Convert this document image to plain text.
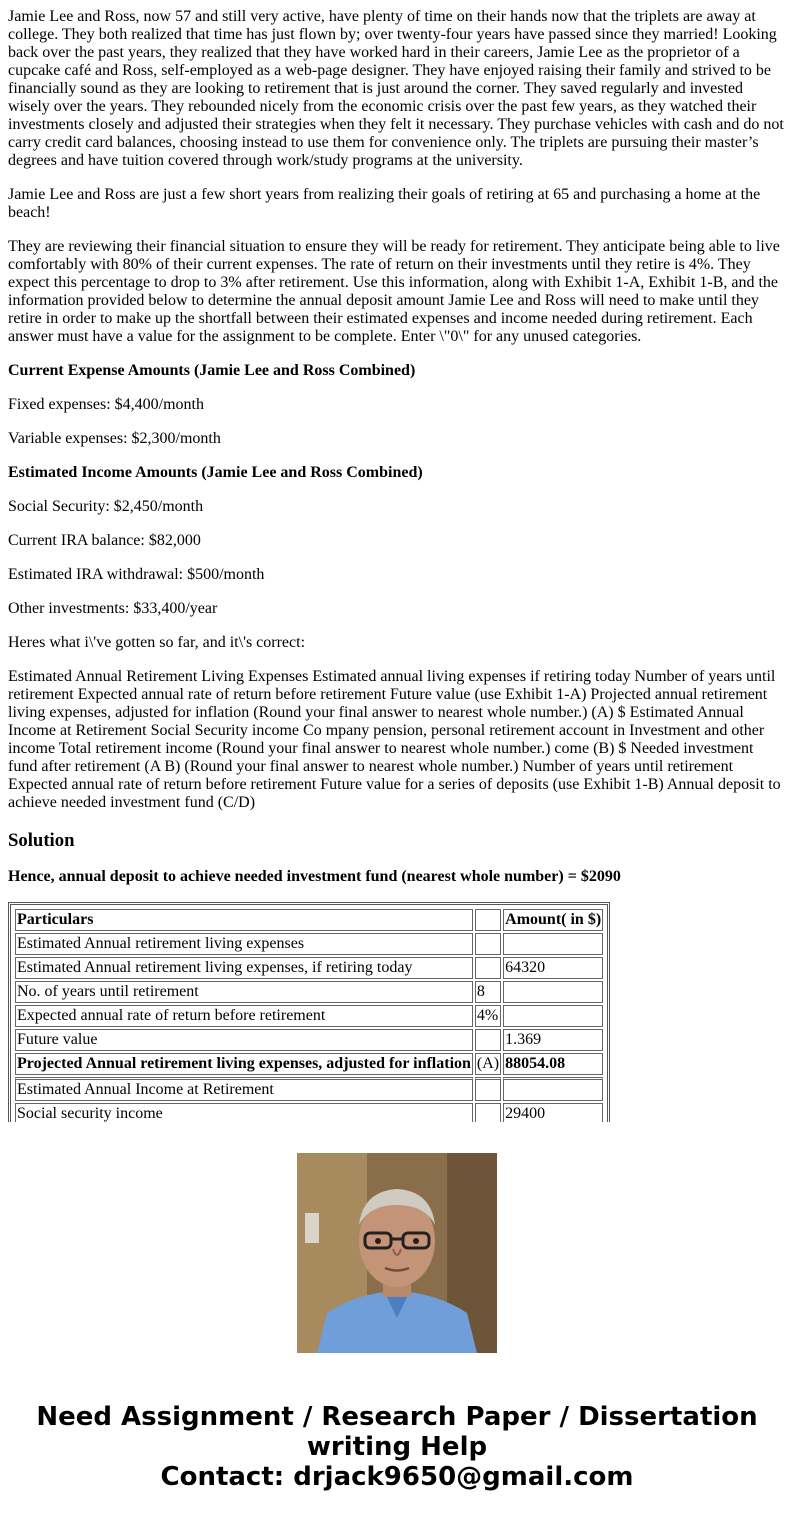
Jamie Lee and Ross, now 57 and still very active, have plenty of time on their hands now that the triplets are away at college. They both realized that time has just flown by; over twenty-four years have passed since they married! Looking back over the past years, they realized that they have worked hard in their careers, Jamie Lee as the proprietor of a cupcake café and Ross, self-employed as a web-page designer. They have enjoyed raising their family and strived to be financially sound as they are looking to retirement that is just around the corner. They saved regularly and invested wisely over the years. They rebounded nicely from the economic crisis over the past few years, as they watched their investments closely and adjusted their strategies when they felt it necessary. They purchase vehicles with cash and do not carry credit card balances, choosing instead to use them for convenience only. The triplets are pursuing their master’s degrees and have tuition covered through work/study programs at the university.

Jamie Lee and Ross are just a few short years from realizing their goals of retiring at 65 and purchasing a home at the beach!

They are reviewing their financial situation to ensure they will be ready for retirement. They anticipate being able to live comfortably with 80% of their current expenses. The rate of return on their investments until they retire is 4%. They expect this percentage to drop to 3% after retirement. Use this information, along with Exhibit 1-A, Exhibit 1-B, and the information provided below to determine the annual deposit amount Jamie Lee and Ross will need to make until they retire in order to make up the shortfall between their estimated expenses and income needed during retirement. Each answer must have a value for the assignment to be complete. Enter \"0\" for any unused categories.

Current Expense Amounts (Jamie Lee and Ross Combined)

Fixed expenses: $4,400/month

Variable expenses: $2,300/month

Estimated Income Amounts (Jamie Lee and Ross Combined)

Social Security: $2,450/month

Current IRA balance: $82,000

Estimated IRA withdrawal: $500/month

Other investments: $33,400/year

Heres what i\'ve gotten so far, and it\'s correct:

Estimated Annual Retirement Living Expenses Estimated annual living expenses if retiring today Number of years until retirement Expected annual rate of return before retirement Future value (use Exhibit 1-A) Projected annual retirement living expenses, adjusted for inflation (Round your final answer to nearest whole number.) (A) $ Estimated Annual Income at Retirement Social Security income Co mpany pension, personal retirement account in Investment and other income Total retirement income (Round your final answer to nearest whole number.) come (B) $ Needed investment fund after retirement (A B) (Round your final answer to nearest whole number.) Number of years until retirement Expected annual rate of return before retirement Future value for a series of deposits (use Exhibit 1-B) Annual deposit to achieve needed investment fund (C/D)

Solution

Hence, annual deposit to achieve needed investment fund (nearest whole number) = $2090

Particulars		Amount( in $)
Estimated Annual retirement living expenses		
Estimated Annual retirement living expenses, if retiring today		64320
No. of years until retirement	8	
Expected annual rate of return before retirement	4%	
Future value		1.369
Projected Annual retirement living expenses, adjusted for inflation	(A)	88054.08
Estimated Annual Income at Retirement		
Social security income		29400

Need Assignment / Research Paper / Dissertation
writing Help
Contact: drjack9650@gmail.com
